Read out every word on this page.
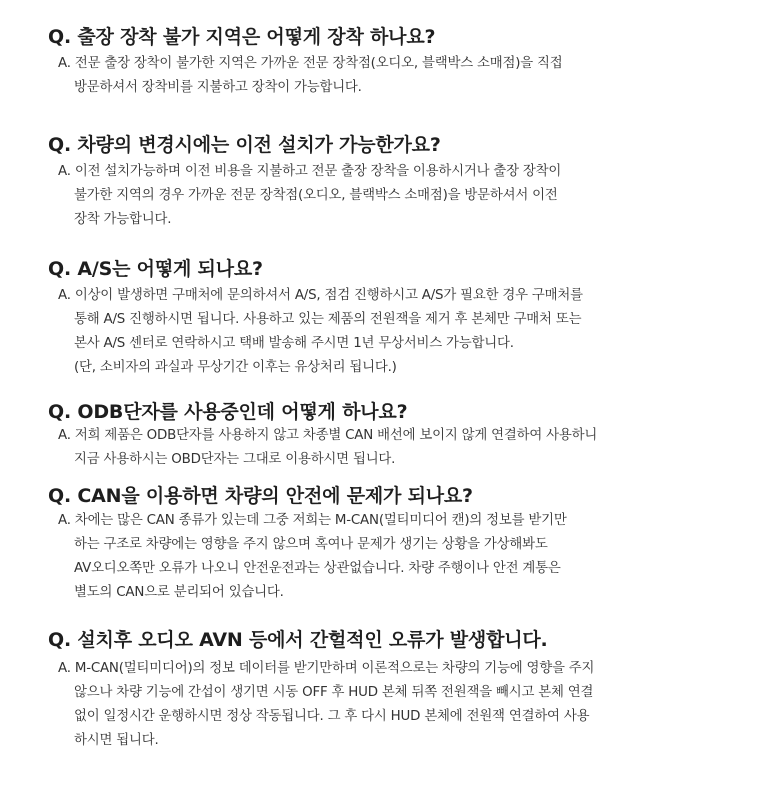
Q. 출장 장착 불가 지역은 어떻게 장착 하나요?
A. 전문 출장 장착이 불가한 지역은 가까운 전문 장착점(오디오, 블랙박스 소매점)을 직접
방문하셔서 장착비를 지불하고 장착이 가능합니다.
Q. 차량의 변경시에는 이전 설치가 가능한가요?
A. 이전 설치가능하며 이전 비용을 지불하고 전문 출장 장착을 이용하시거나 출장 장착이
불가한 지역의 경우 가까운 전문 장착점(오디오, 블랙박스 소매점)을 방문하셔서 이전
장착 가능합니다.
Q. A/S는 어떻게 되나요?
A. 이상이 발생하면 구매처에 문의하셔서 A/S, 점검 진행하시고 A/S가 필요한 경우 구매처를
통해 A/S 진행하시면 됩니다. 사용하고 있는 제품의 전원잭을 제거 후 본체만 구매처 또는
본사 A/S 센터로 연락하시고 택배 발송해 주시면 1년 무상서비스 가능합니다.
(단, 소비자의 과실과 무상기간 이후는 유상처리 됩니다.)
Q. ODB단자를 사용중인데 어떻게 하나요?
A. 저희 제품은 ODB단자를 사용하지 않고 차종별 CAN 배선에 보이지 않게 연결하여 사용하니
지금 사용하시는 OBD단자는 그대로 이용하시면 됩니다.
Q. CAN을 이용하면 차량의 안전에 문제가 되나요?
A. 차에는 많은 CAN 종류가 있는데 그중 저희는 M-CAN(멀티미디어 캔)의 정보를 받기만
하는 구조로 차량에는 영향을 주지 않으며 혹여나 문제가 생기는 상황을 가상해봐도
AV오디오쪽만 오류가 나오니 안전운전과는 상관없습니다. 차량 주행이나 안전 계통은
별도의 CAN으로 분리되어 있습니다.
Q. 설치후 오디오 AVN 등에서 간헐적인 오류가 발생합니다.
A. M-CAN(멀티미디어)의 정보 데이터를 받기만하며 이론적으로는 차량의 기능에 영향을 주지
않으나 차량 기능에 간섭이 생기면 시동 OFF 후 HUD 본체 뒤쪽 전원잭을 빼시고 본체 연결
없이 일정시간 운행하시면 정상 작동됩니다. 그 후 다시 HUD 본체에 전원잭 연결하여 사용
하시면 됩니다.
